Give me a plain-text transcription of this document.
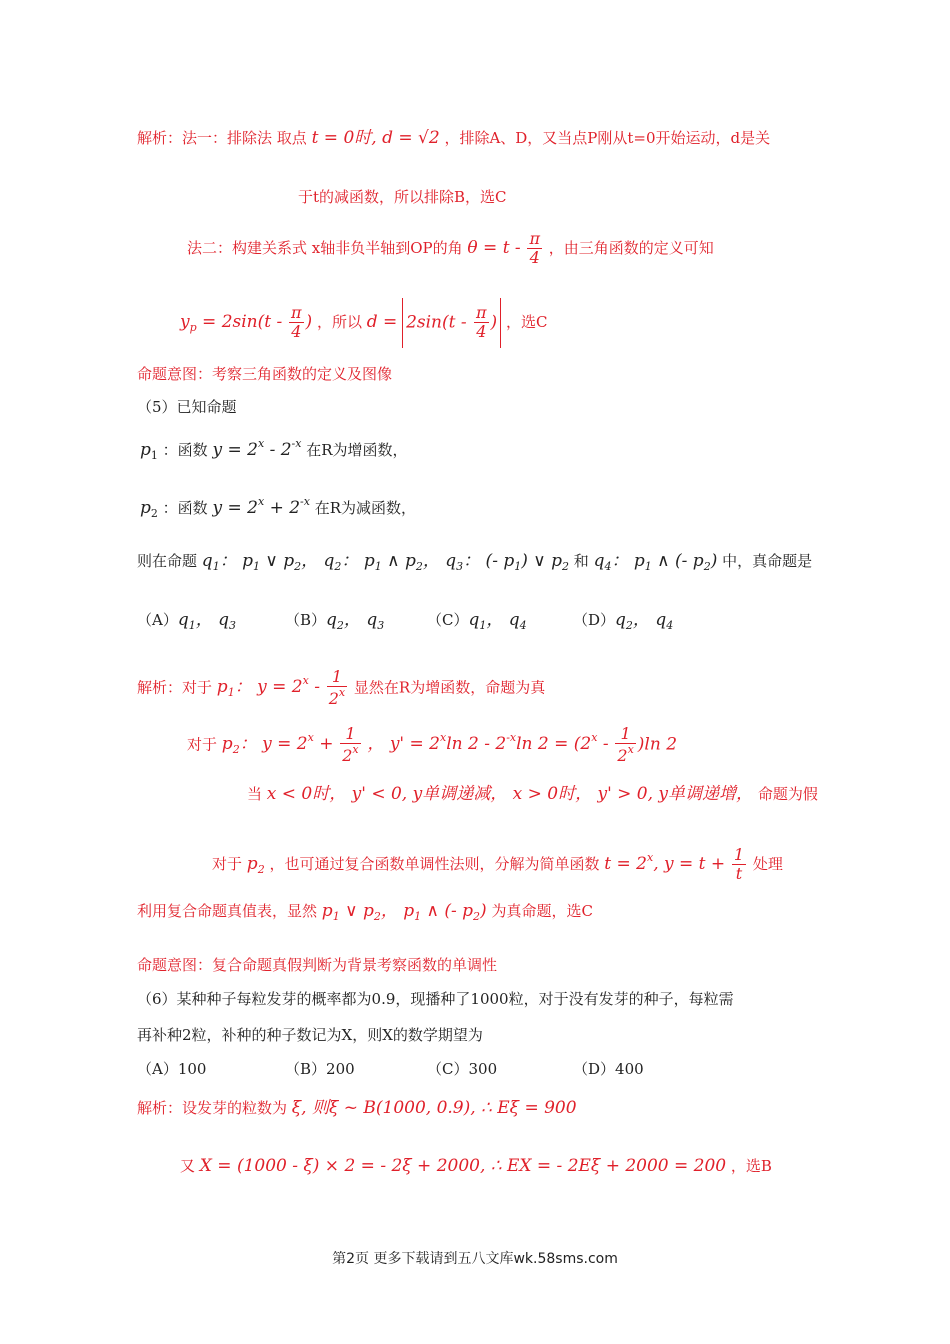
解析：法一：排除法 取点 t = 0时, d = √2 ，排除A、D，又当点P刚从t=0开始运动，d是关
于t的减函数，所以排除B，选C
法二：构建关系式 x轴非负半轴到OP的角 $\theta = t - \frac{\pi}{4}$ ，由三角函数的定义可知
$y_p = 2\sin(t - \frac{\pi}{4}$ ) ，所以 $d = 2\sin(t - \frac{\pi}{4}$ ) ，选C
命题意图：考察三角函数的定义及图像
（5）已知命题
$p_1$ ：函数 $y = 2^x - 2^{-x}$ 在R为增函数，
$p_2$ ：函数 $y = 2^x + 2^{-x}$ 在R为减函数，
则在命题 $q_1$： $p_1$ ∨ $p_2$， $q_2$： $p_1$ ∧ $p_2$， $q_3$： (- $p_1$) ∨ $p_2$ 和 $q_4$： $p_1$ ∧ (- $p_2$) 中，真命题是
$(A)q_1$， $q_3$	$(B)q_2$， $q_3$	$(C)q_1$， $q_4$	$(D)q_2$， $q_4$
解析：对于 $p_1$： $y = 2^x - \frac{1}{2^x}$ 显然在R为增函数，命题为真
对于 $p_2$： $y = 2^x + \frac{1}{2^x}$ ， $y' = 2^x\ln$ $2 - 2^{-x}\ln$ $2 = (2^x - \frac{1}{2^x} )\ln$ 2
当 x < 0时， y' < 0, y单调递减， x > 0时， y' > 0, y单调递增， 命题为假
对于 $p_2$ ，也可通过复合函数单调性法则，分解为简单函数 $t = 2^x$, $y = t + \frac{1}{t}$ 处理
利用复合命题真值表，显然 $p_1$ ∨ $p_2$， $p_1$ ∧ (- $p_2$) 为真命题，选C
命题意图：复合命题真假判断为背景考察函数的单调性
（6）某种种子每粒发芽的概率都为0.9，现播种了1000粒，对于没有发芽的种子，每粒需
再补种2粒，补种的种子数记为X，则X的数学期望为
（A）100	（B）200	（C）300	（D）400
解析：设发芽的粒数为 ξ, 则ξ ~ B(1000, 0.9), ∴ Eξ = 900
又 X = (1000 - ξ) × 2 = - 2ξ + 2000, ∴ EX = - 2Eξ + 2000 = 200 ，选B
第2页 更多下载请到五八文库wk.58sms.com
